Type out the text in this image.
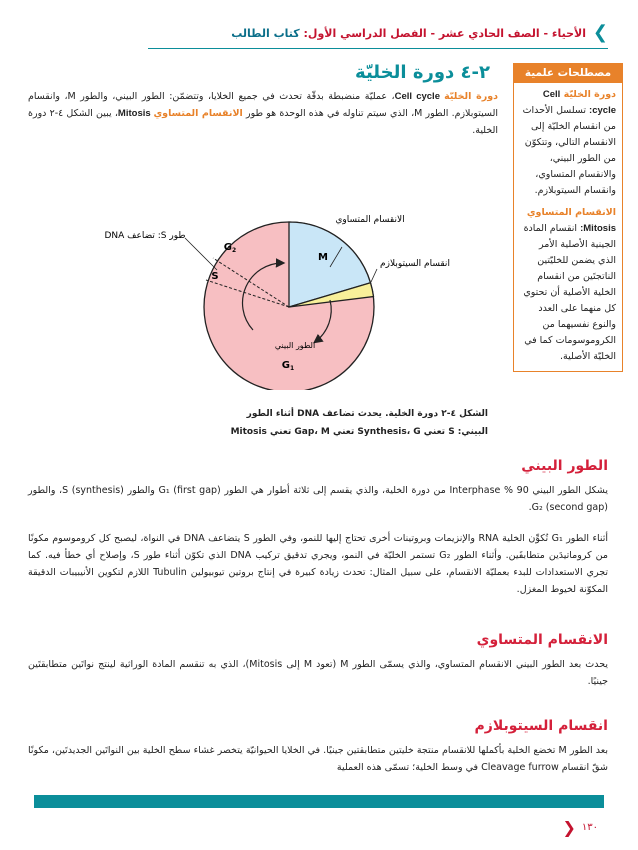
❯
الأحياء - الصف الحادي عشر - الفصل الدراسي الأول: كتاب الطالب
مصطلحات علمية
دورة الخليّة Cell cycle: تسلسل الأحداث من انقسام الخليّة إلى الانقسام التالي، وتتكوّن من الطور البيني، والانقسام المتساوي، وانقسام السيتوبلازم.
الانقسام المتساوي
Mitosis: انقسام المادة الجينية الأصلية الأمر الذي يضمن للخليّتين الناتجتَين من انقسام الخلية الأصلية أن تحتوي كل منهما على العدد والنوع نفسيهما من الكروموسومات كما في الخليّة الأصلية.
٢-٤ دورة الخليّة
دورة الخليّة Cell cycle، عمليّة منضبطة بدقّة تحدث في جميع الخلايا، وتتضمّن: الطور البيني، والطور M، وانقسام السيتوبلازم. الطور M، الذي سيتم تناوله في هذه الوحدة هو طور الانقسام المتساوي Mitosis، يبين الشكل ٤-٢ دورة الخلية.
M
$G_2$
S
$G_1$
الطور البيني
الانقسام المتساوي
انقسام السيتوبلازم
طور S: تضاعف DNA
الشكل ٤-٢ دورة الخلية. يحدث تضاعف DNA أثناء الطور
البيني: S تعني Synthesis، G تعني Gap، M تعني Mitosis
الطور البيني
يشكل الطور البيني Interphase % 90 من دورة الخلية، والذي يقسم إلى ثلاثة أطوار هي الطور G₁ (first gap) والطور S (synthesis)، والطور G₂ (second gap).
أثناء الطور G₁ تُكوِّن الخلية RNA والإنزيمات وبروتينات أخرى تحتاج إليها للنمو، وفي الطور S يتضاعف DNA في النواة، ليصبح كل كروموسوم مكونًا من كروماتيدَين متطابقَين. وأثناء الطور G₂ تستمر الخليّة في النمو، ويجري تدقيق تركيب DNA الذي تكوّن أثناء طور S، وإصلاح أي خطأ فيه. كما تجري الاستعدادات للبدء بعمليّة الانقسام، على سبيل المثال: تحدث زيادة كبيرة في إنتاج بروتين تيوبيولين Tubulin اللازم لتكوين الأنيبيبات الدقيقة المكوّنة لخيوط المغزل.
الانقسام المتساوي
يحدث بعد الطور البيني الانقسام المتساوي، والذي يسمّى الطور M (تعود M إلى Mitosis)، الذي به تنقسم المادة الوراثية لينتج نواتَين متطابقتَين جينيًا.
انقسام السيتوبلازم
بعد الطور M تخضع الخلية بأكملها للانقسام منتجة خليتين متطابقتين جينيًا. في الخلايا الحيوانيّة يتخصر غشاء سطح الخلية بين النواتَين الجديدتَين، مكونًا شقّ انقسام Cleavage furrow في وسط الخلية؛ تسمّى هذه العملية
١٣٠
❮
